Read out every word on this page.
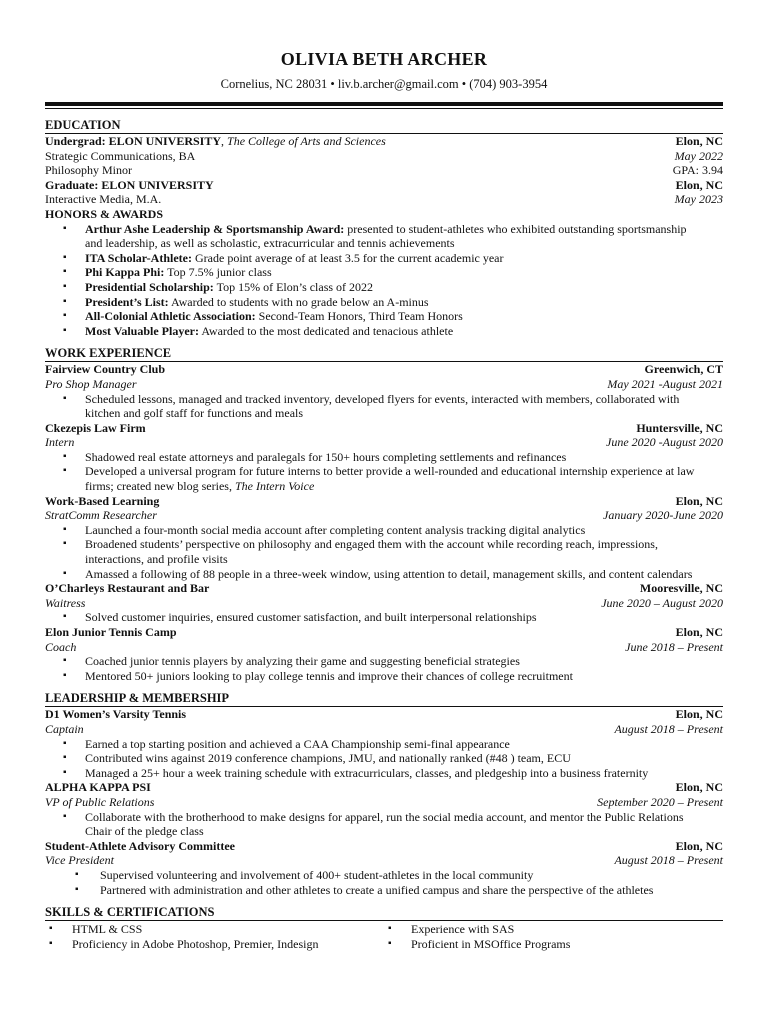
OLIVIA BETH ARCHER
Cornelius, NC 28031 • liv.b.archer@gmail.com • (704) 903-3954
EDUCATION
Undergrad: ELON UNIVERSITY, The College of Arts and Sciences	Elon, NC
Strategic Communications, BA	May 2022
Philosophy Minor	GPA: 3.94
Graduate: ELON UNIVERSITY	Elon, NC
Interactive Media, M.A.	May 2023
HONORS & AWARDS
▪ Arthur Ashe Leadership & Sportsmanship Award: presented to student-athletes who exhibited outstanding sportsmanship
and leadership, as well as scholastic, extracurricular and tennis achievements
▪ ITA Scholar-Athlete: Grade point average of at least 3.5 for the current academic year
▪ Phi Kappa Phi: Top 7.5% junior class
▪ Presidential Scholarship: Top 15% of Elon’s class of 2022
▪ President’s List: Awarded to students with no grade below an A-minus
▪ All-Colonial Athletic Association: Second-Team Honors, Third Team Honors
▪ Most Valuable Player: Awarded to the most dedicated and tenacious athlete
WORK EXPERIENCE
Fairview Country Club	Greenwich, CT
Pro Shop Manager	May 2021 -August 2021
▪ Scheduled lessons, managed and tracked inventory, developed flyers for events, interacted with members, collaborated with
kitchen and golf staff for functions and meals
Ckezepis Law Firm	Huntersville, NC
Intern	June 2020 -August 2020
▪ Shadowed real estate attorneys and paralegals for 150+ hours completing settlements and refinances
▪ Developed a universal program for future interns to better provide a well-rounded and educational internship experience at law
firms; created new blog series, The Intern Voice
Work-Based Learning	Elon, NC
StratComm Researcher	January 2020-June 2020
▪ Launched a four-month social media account after completing content analysis tracking digital analytics
▪ Broadened students’ perspective on philosophy and engaged them with the account while recording reach, impressions,
interactions, and profile visits
▪ Amassed a following of 88 people in a three-week window, using attention to detail, management skills, and content calendars
O’Charleys Restaurant and Bar	Mooresville, NC
Waitress	June 2020 – August 2020
▪ Solved customer inquiries, ensured customer satisfaction, and built interpersonal relationships
Elon Junior Tennis Camp	Elon, NC
Coach	June 2018 – Present
▪ Coached junior tennis players by analyzing their game and suggesting beneficial strategies
▪ Mentored 50+ juniors looking to play college tennis and improve their chances of college recruitment
LEADERSHIP & MEMBERSHIP
D1 Women’s Varsity Tennis	Elon, NC
Captain	August 2018 – Present
▪ Earned a top starting position and achieved a CAA Championship semi-final appearance
▪ Contributed wins against 2019 conference champions, JMU, and nationally ranked (#48 ) team, ECU
▪ Managed a 25+ hour a week training schedule with extracurriculars, classes, and pledgeship into a business fraternity
ALPHA KAPPA PSI	Elon, NC
VP of Public Relations	September 2020 – Present
▪ Collaborate with the brotherhood to make designs for apparel, run the social media account, and mentor the Public Relations
Chair of the pledge class
Student-Athlete Advisory Committee	Elon, NC
Vice President	August 2018 – Present
▪ Supervised volunteering and involvement of 400+ student-athletes in the local community
▪ Partnered with administration and other athletes to create a unified campus and share the perspective of the athletes
SKILLS & CERTIFICATIONS
▪ HTML & CSS
▪ Proficiency in Adobe Photoshop, Premier, Indesign
▪ Experience with SAS
▪ Proficient in MSOffice Programs
